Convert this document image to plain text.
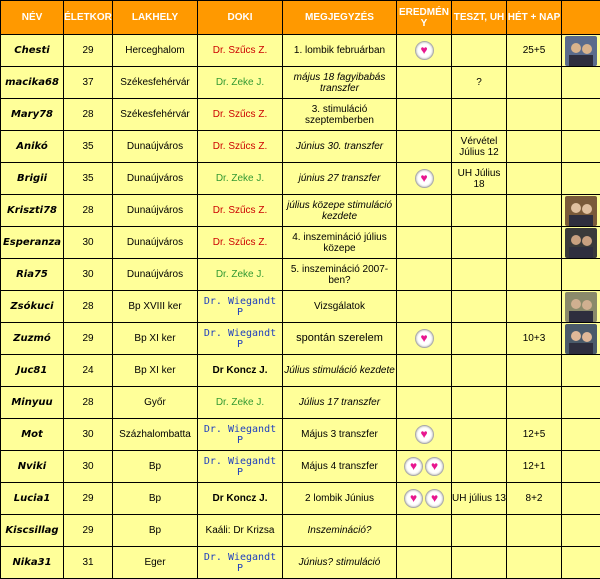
NÉV	ÉLETKOR	LAKHELY	DOKI	MEGJEGYZÉS	EREDMÉN Y	TESZT, UH	HÉT + NAP	
Chesti	29	Herceghalom	Dr. Szűcs Z.	1. lombik februárban	♥		25+5	

macika68	37	Székesfehérvár	Dr. Zeke J.	május 18 fagyibabás transzfer		?		
Mary78	28	Székesfehérvár	Dr. Szűcs Z.	3. stimuláció szeptemberben				
Anikó	35	Dunaújváros	Dr. Szűcs Z.	Június 30. transzfer		Vérvétel Július 12		
Brigii	35	Dunaújváros	Dr. Zeke J.	június 27 transzfer	♥	UH Július 18		
Kriszti78	28	Dunaújváros	Dr. Szűcs Z.	július közepe stimuláció kezdete				

Esperanza	30	Dunaújváros	Dr. Szűcs Z.	4. inszemináció július közepe				

Ria75	30	Dunaújváros	Dr. Zeke J.	5. inszemináció 2007-ben?				
Zsókuci	28	Bp XVIII ker	Dr. Wiegandt P	Vizsgálatok				

Zuzmó	29	Bp XI ker	Dr. Wiegandt P	spontán szerelem	♥		10+3	

Juc81	24	Bp XI ker	Dr Koncz J.	Július stimuláció kezdete				
Minyuu	28	Győr	Dr. Zeke J.	Július 17 transzfer				
Mot	30	Százhalombatta	Dr. Wiegandt P	Május 3 transzfer	♥		12+5	
Nviki	30	Bp	Dr. Wiegandt P	Május 4 transzfer	♥♥		12+1	
Lucia1	29	Bp	Dr Koncz J.	2 lombik Június	♥♥	UH július 13	8+2	
Kiscsillag	29	Bp	Kaáli: Dr Krizsa	Inszemináció?				
Nika31	31	Eger	Dr. Wiegandt P	Június? stimuláció				
